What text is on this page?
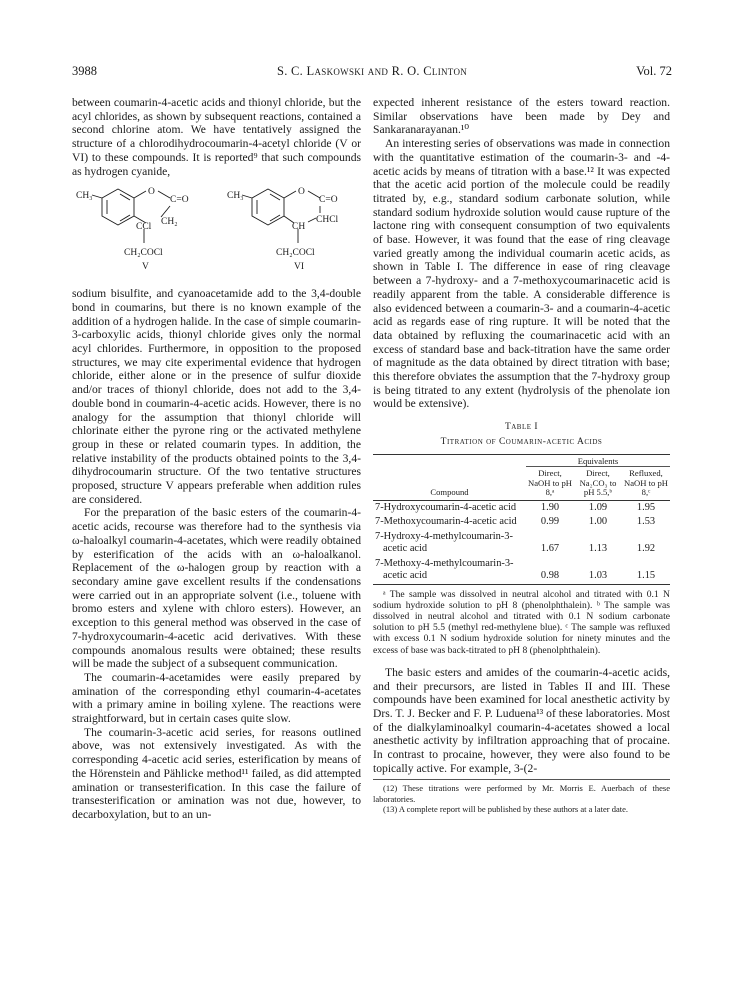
3988	S. C. Laskowski and R. O. Clinton	Vol. 72

between coumarin-4-acetic acids and thionyl chloride, but the acyl chlorides, as shown by subsequent reactions, contained a second chlorine atom. We have tentatively assigned the structure of a chlorodihydrocoumarin-4-acetyl chloride (V or VI) to these compounds. It is reported⁹ that such compounds as hydrogen cyanide,

CH₃	O
C=O
CH₂
CCl
CH₂COCl
V
CH₃	O
C=O
CHCl
CH
CH₂COCl
VI

sodium bisulfite, and cyanoacetamide add to the 3,4-double bond in coumarins, but there is no known example of the addition of a hydrogen halide. In the case of simple coumarin-3-carboxylic acids, thionyl chloride gives only the normal acyl chlorides. Furthermore, in opposition to the proposed structures, we may cite experimental evidence that hydrogen chloride, either alone or in the presence of sulfur dioxide and/or traces of thionyl chloride, does not add to the 3,4-double bond in coumarin-4-acetic acids. However, there is no analogy for the assumption that thionyl chloride will chlorinate either the pyrone ring or the activated methylene group in these or related coumarin types. In addition, the relative instability of the products obtained points to the 3,4-dihydrocoumarin structure. Of the two tentative structures proposed, structure V appears preferable when addition rules are considered.

For the preparation of the basic esters of the coumarin-4-acetic acids, recourse was therefore had to the synthesis via ω-haloalkyl coumarin-4-acetates, which were readily obtained by esterification of the acids with an ω-haloalkanol. Replacement of the ω-halogen group by reaction with a secondary amine gave excellent results if the condensations were carried out in an appropriate solvent (i.e., toluene with bromo esters and xylene with chloro esters). However, an exception to this general method was observed in the case of 7-hydroxycoumarin-4-acetic acid derivatives. With these compounds anomalous results were obtained; these results will be made the subject of a subsequent communication.

The coumarin-4-acetamides were easily prepared by amination of the corresponding ethyl coumarin-4-acetates with a primary amine in boiling xylene. The reactions were straightforward, but in certain cases quite slow.

The coumarin-3-acetic acid series, for reasons outlined above, was not extensively investigated. As with the corresponding 4-acetic acid series, esterification by means of the Hörenstein and Pählicke method¹¹ failed, as did attempted amination or transesterification. In this case the failure of transesterification or amination was not due, however, to decarboxylation, but to an un-

expected inherent resistance of the esters toward reaction. Similar observations have been made by Dey and Sankaranarayanan.¹⁰

An interesting series of observations was made in connection with the quantitative estimation of the coumarin-3- and -4-acetic acids by means of titration with a base.¹² It was expected that the acetic acid portion of the molecule could be readily titrated by, e.g., standard sodium carbonate solution, while standard sodium hydroxide solution would cause rupture of the lactone ring with consequent consumption of two equivalents of base. However, it was found that the ease of ring cleavage varied greatly among the individual coumarin acetic acids, as shown in Table I. The difference in ease of ring cleavage between a 7-hydroxy- and a 7-methoxycoumarinacetic acid is readily apparent from the table. A considerable difference is also evidenced between a coumarin-3- and a coumarin-4-acetic acid as regards ease of ring rupture. It will be noted that the data obtained by refluxing the coumarinacetic acid with an excess of standard base and back-titration have the same order of magnitude as the data obtained by direct titration with base; this therefore obviates the assumption that the 7-hydroxy group is being titrated to any extent (hydrolysis of the phenolate ion would be extensive).

Table I
Titration of Coumarin-acetic Acids
Compound	Equivalents		
	Direct, NaOH to pH 8,ᵃ	Direct, Na₂CO₃ to pH 5.5,ᵇ	Refluxed, NaOH to pH 8,ᶜ
7-Hydroxycoumarin-4-acetic acid	1.90	1.09	1.95
7-Methoxycoumarin-4-acetic acid	0.99	1.00	1.53
7-Hydroxy-4-methylcoumarin-3-acetic acid	1.67	1.13	1.92
7-Methoxy-4-methylcoumarin-3-acetic acid	0.98	1.03	1.15

ᵃ The sample was dissolved in neutral alcohol and titrated with 0.1 N sodium hydroxide solution to pH 8 (phenolphthalein). ᵇ The sample was dissolved in neutral alcohol and titrated with 0.1 N sodium carbonate solution to pH 5.5 (methyl red-methylene blue). ᶜ The sample was refluxed with excess 0.1 N sodium hydroxide solution for ninety minutes and the excess of base was back-titrated to pH 8 (phenolphthalein).

The basic esters and amides of the coumarin-4-acetic acids, and their precursors, are listed in Tables II and III. These compounds have been examined for local anesthetic activity by Drs. T. J. Becker and F. P. Luduena¹³ of these laboratories. Most of the dialkylaminoalkyl coumarin-4-acetates showed a local anesthetic activity by infiltration approaching that of procaine. In contrast to procaine, however, they were also found to be topically active. For example, 3-(2-

(12) These titrations were performed by Mr. Morris E. Auerbach of these laboratories.

(13) A complete report will be published by these authors at a later date.
